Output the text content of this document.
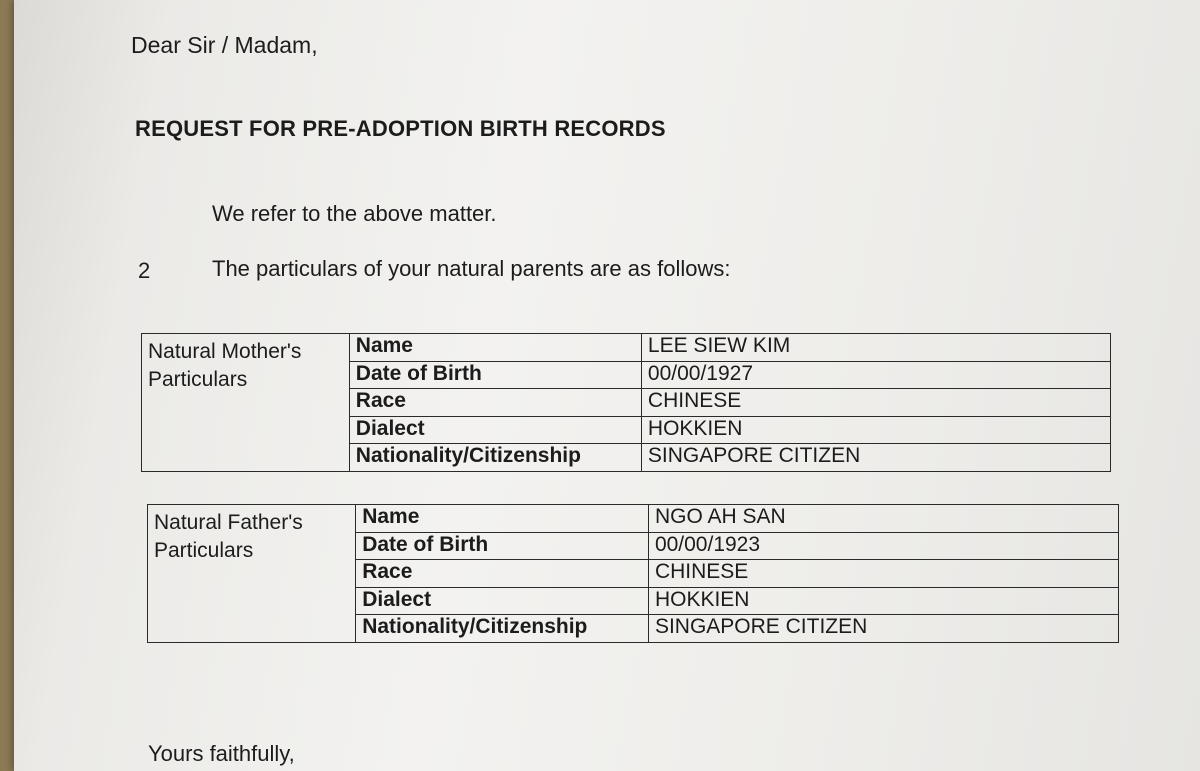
Dear Sir / Madam,

REQUEST FOR PRE-ADOPTION BIRTH RECORDS

We refer to the above matter.

2	The particulars of your natural parents are as follows:

Natural Mother's Particulars	Name	LEE SIEW KIM
	Date of Birth	00/00/1927
	Race	CHINESE
	Dialect	HOKKIEN
	Nationality/Citizenship	SINGAPORE CITIZEN
Natural Father's Particulars	Name	NGO AH SAN
	Date of Birth	00/00/1923
	Race	CHINESE
	Dialect	HOKKIEN
	Nationality/Citizenship	SINGAPORE CITIZEN

Yours faithfully,
